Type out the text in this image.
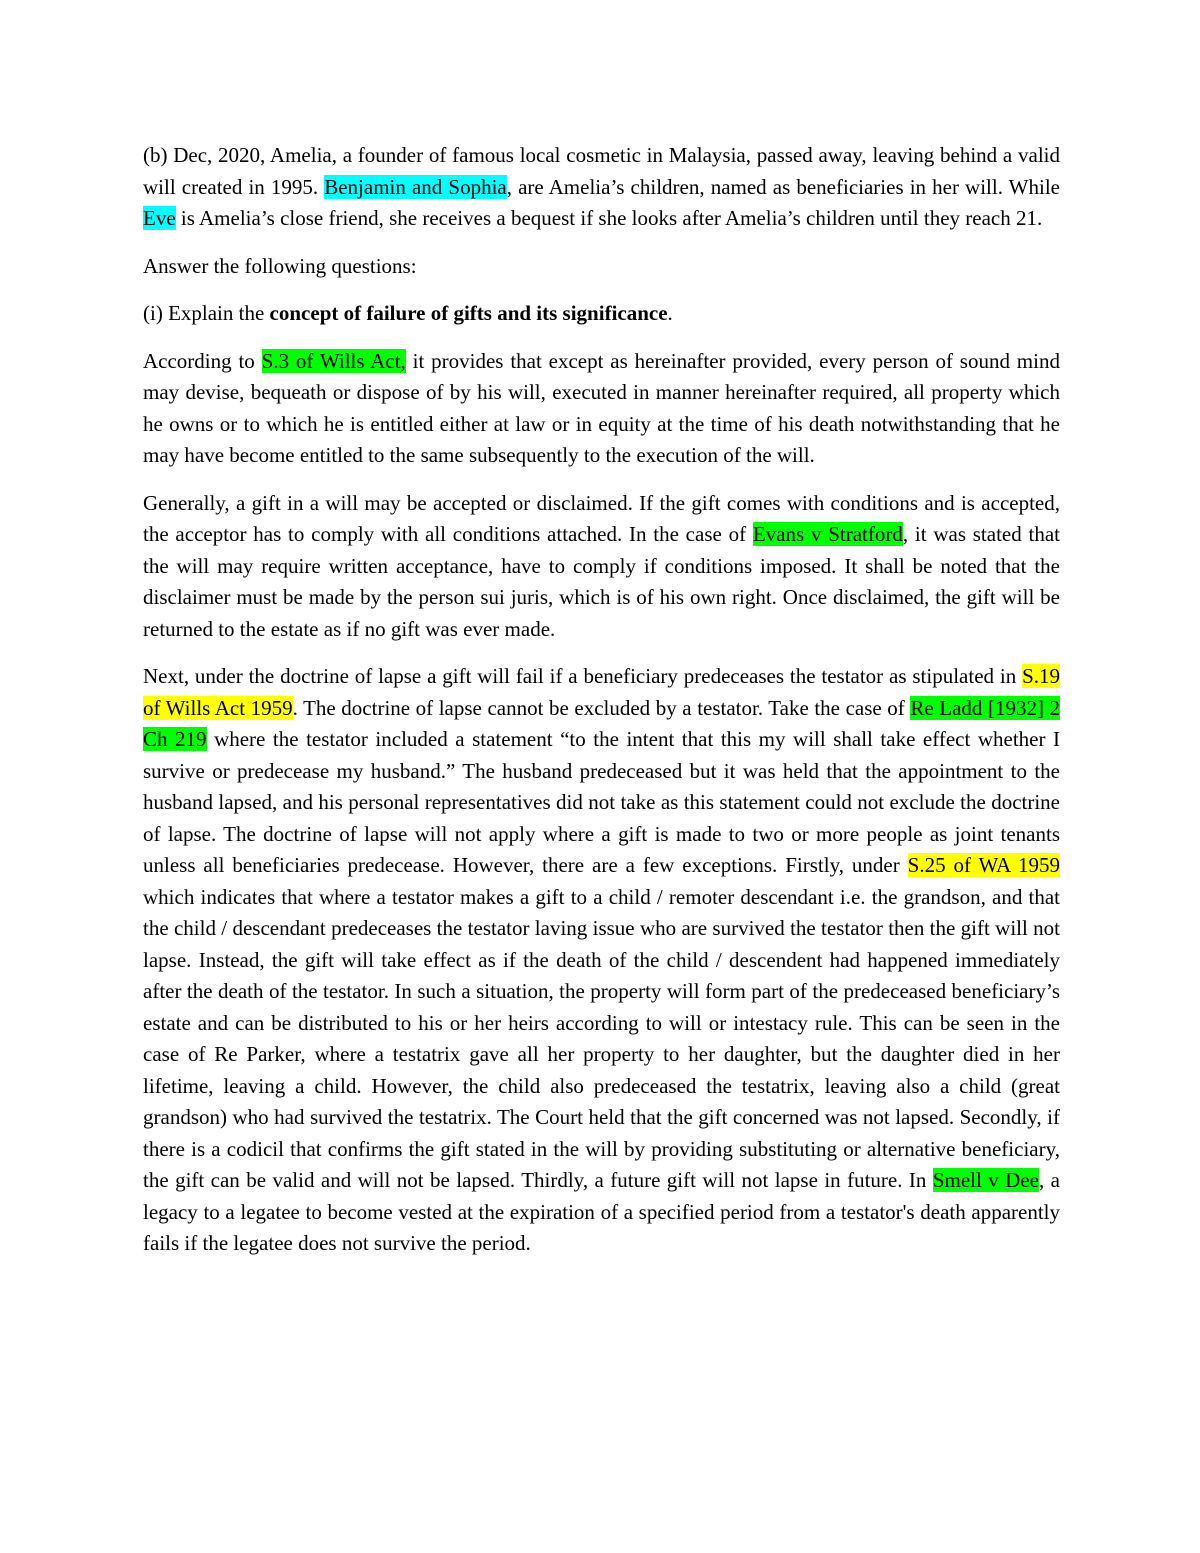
(b) Dec, 2020, Amelia, a founder of famous local cosmetic in Malaysia, passed away, leaving behind a valid will created in 1995. Benjamin and Sophia, are Amelia’s children, named as beneficiaries in her will. While Eve is Amelia’s close friend, she receives a bequest if she looks after Amelia’s children until they reach 21.

Answer the following questions:

(i) Explain the concept of failure of gifts and its significance.

According to S.3 of Wills Act, it provides that except as hereinafter provided, every person of sound mind may devise, bequeath or dispose of by his will, executed in manner hereinafter required, all property which he owns or to which he is entitled either at law or in equity at the time of his death notwithstanding that he may have become entitled to the same subsequently to the execution of the will.

Generally, a gift in a will may be accepted or disclaimed. If the gift comes with conditions and is accepted, the acceptor has to comply with all conditions attached. In the case of Evans v Stratford, it was stated that the will may require written acceptance, have to comply if conditions imposed. It shall be noted that the disclaimer must be made by the person sui juris, which is of his own right. Once disclaimed, the gift will be returned to the estate as if no gift was ever made.

Next, under the doctrine of lapse a gift will fail if a beneficiary predeceases the testator as stipulated in S.19 of Wills Act 1959. The doctrine of lapse cannot be excluded by a testator. Take the case of Re Ladd [1932] 2 Ch 219 where the testator included a statement “to the intent that this my will shall take effect whether I survive or predecease my husband.” The husband predeceased but it was held that the appointment to the husband lapsed, and his personal representatives did not take as this statement could not exclude the doctrine of lapse. The doctrine of lapse will not apply where a gift is made to two or more people as joint tenants unless all beneficiaries predecease. However, there are a few exceptions. Firstly, under S.25 of WA 1959 which indicates that where a testator makes a gift to a child / remoter descendant i.e. the grandson, and that the child / descendant predeceases the testator laving issue who are survived the testator then the gift will not lapse. Instead, the gift will take effect as if the death of the child / descendent had happened immediately after the death of the testator. In such a situation, the property will form part of the predeceased beneficiary’s estate and can be distributed to his or her heirs according to will or intestacy rule. This can be seen in the case of Re Parker, where a testatrix gave all her property to her daughter, but the daughter died in her lifetime, leaving a child. However, the child also predeceased the testatrix, leaving also a child (great grandson) who had survived the testatrix. The Court held that the gift concerned was not lapsed. Secondly, if there is a codicil that confirms the gift stated in the will by providing substituting or alternative beneficiary, the gift can be valid and will not be lapsed. Thirdly, a future gift will not lapse in future. In Smell v Dee, a legacy to a legatee to become vested at the expiration of a specified period from a testator's death apparently fails if the legatee does not survive the period.
